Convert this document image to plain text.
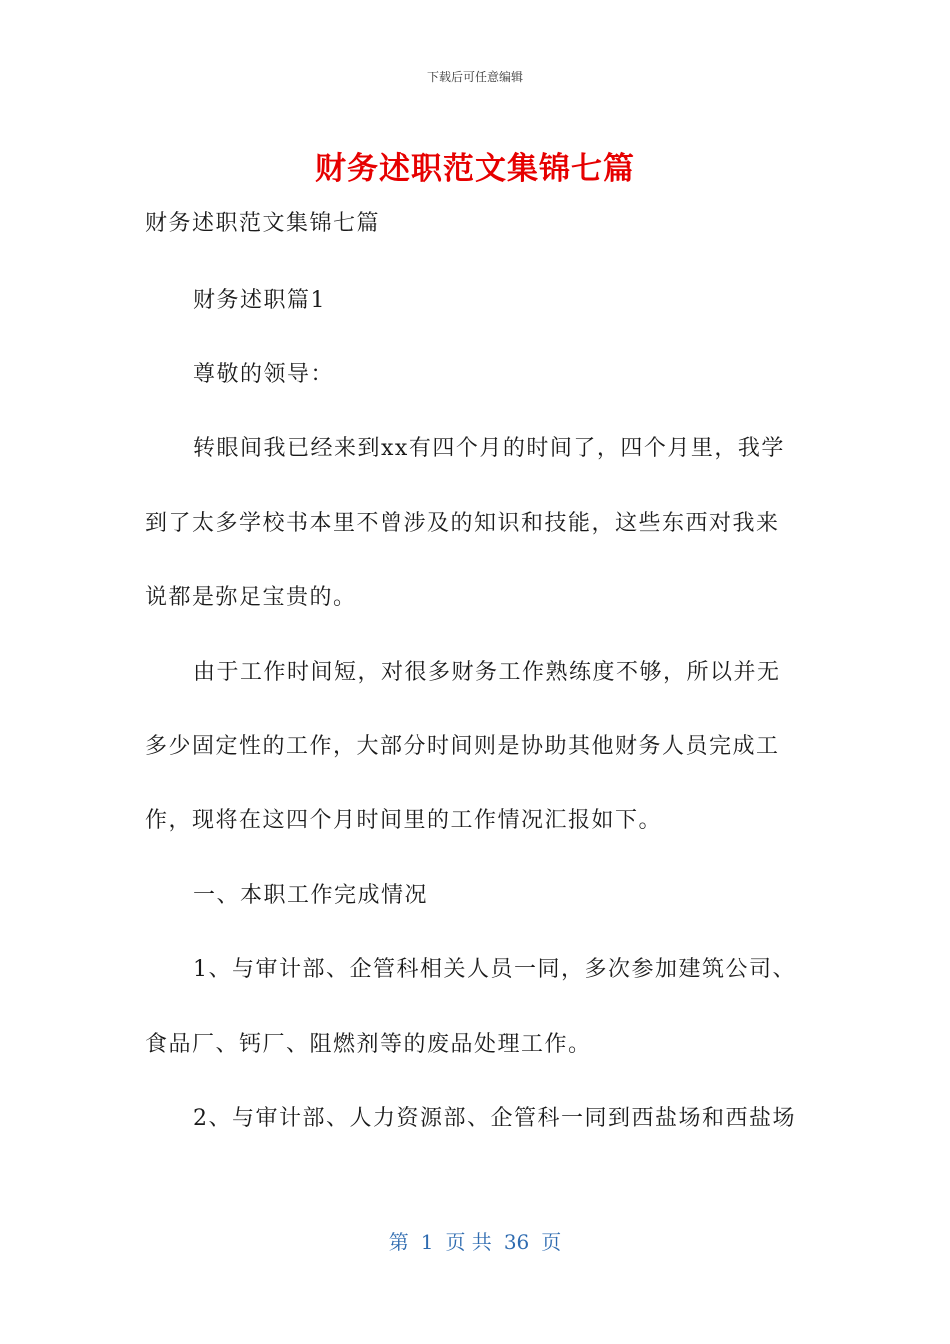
下载后可任意编辑
财务述职范文集锦七篇
财务述职范文集锦七篇
财务述职篇1
尊敬的领导：
转眼间我已经来到xx有四个月的时间了，四个月里，我学
到了太多学校书本里不曾涉及的知识和技能，这些东西对我来
说都是弥足宝贵的。
由于工作时间短，对很多财务工作熟练度不够，所以并无
多少固定性的工作，大部分时间则是协助其他财务人员完成工
作，现将在这四个月时间里的工作情况汇报如下。
一、本职工作完成情况
1、与审计部、企管科相关人员一同，多次参加建筑公司、
食品厂、钙厂、阻燃剂等的废品处理工作。
2、与审计部、人力资源部、企管科一同到西盐场和西盐场
第 1 页 共 36 页
